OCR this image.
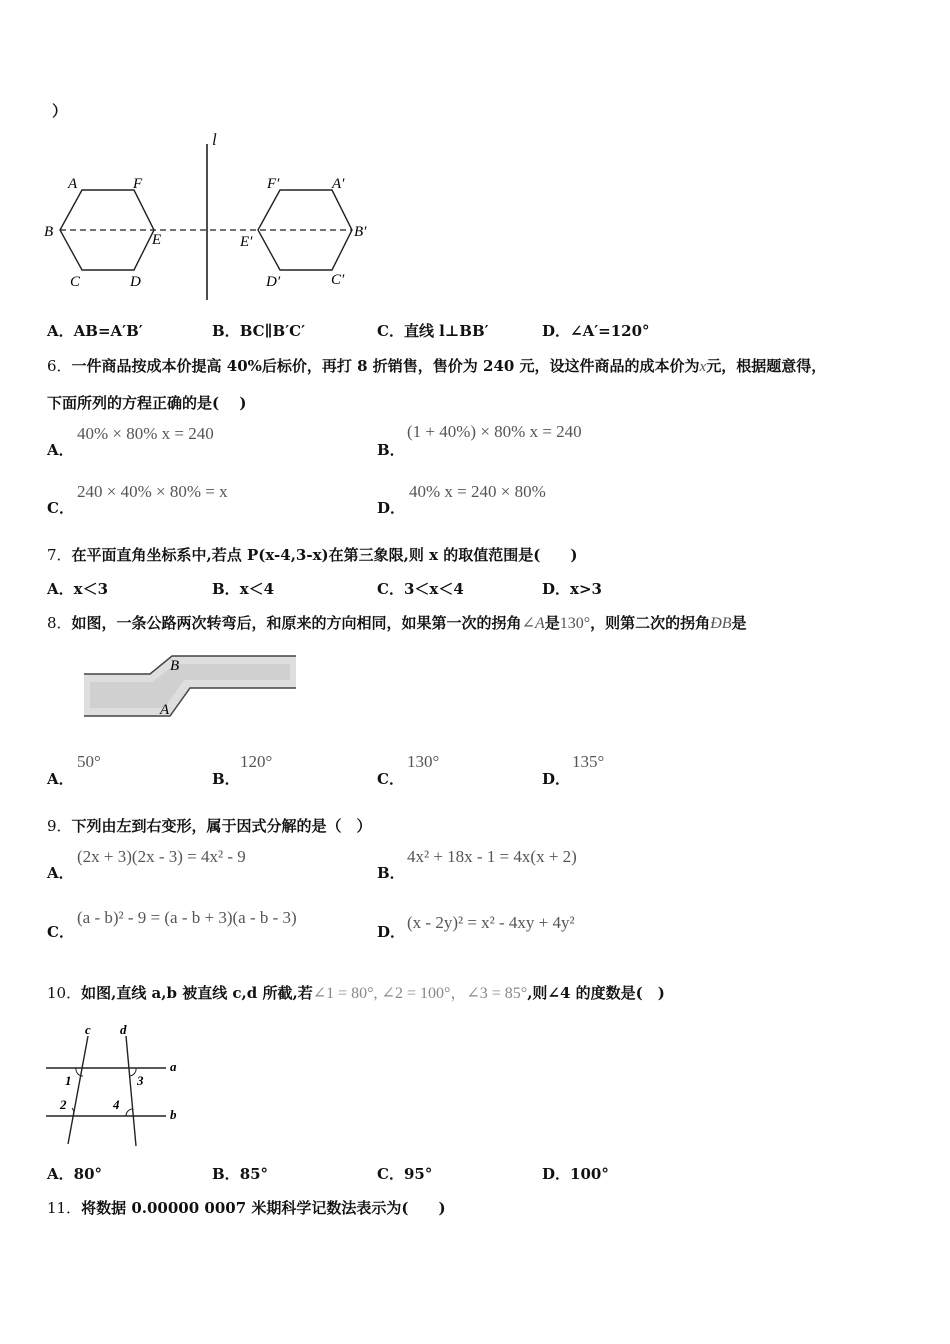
）
l
A	F
B	E
C	D
F′	A′
E′
B′
D′	C′
A．AB=A′B′	B．BC∥B′C′	C．直线 l⊥BB′	D．∠A′=120°
6．一件商品按成本价提高 40%后标价，再打 8 折销售，售价为 240 元，设这件商品的成本价为x元，根据题意得，
下面所列的方程正确的是(　 )
A．
40% × 80% x = 240
B．
(1 + 40%) × 80% x = 240
C．
240 × 40% × 80% = x
D．
40% x = 240 × 80%
7．在平面直角坐标系中,若点 P(x-4,3-x)在第三象限,则 x 的取值范围是(　　)
A．x＜3	B．x＜4	C．3＜x＜4	D．x>3
8．如图，一条公路两次转弯后，和原来的方向相同，如果第一次的拐角∠A是130°，则第二次的拐角ÐB是
B
A
A．
50°
B．
120°
C．
130°
D．
135°
9．下列由左到右变形，属于因式分解的是（　）
A．
(2x + 3)(2x - 3) = 4x² - 9
B．
4x² + 18x - 1 = 4x(x + 2)
C．
(a - b)² - 9 = (a - b + 3)(a - b - 3)
D． (x - 2y)² = x² - 4xy + 4y²
10．如图,直线 a,b 被直线 c,d 所截,若∠1 = 80°, ∠2 = 100°，∠3 = 85°,则∠4 的度数是(　)
c d
a
b
1
2
3
4
A．80°	B．85°	C．95°	D．100°
11．将数据 0.00000 0007 米期科学记数法表示为(　　)
